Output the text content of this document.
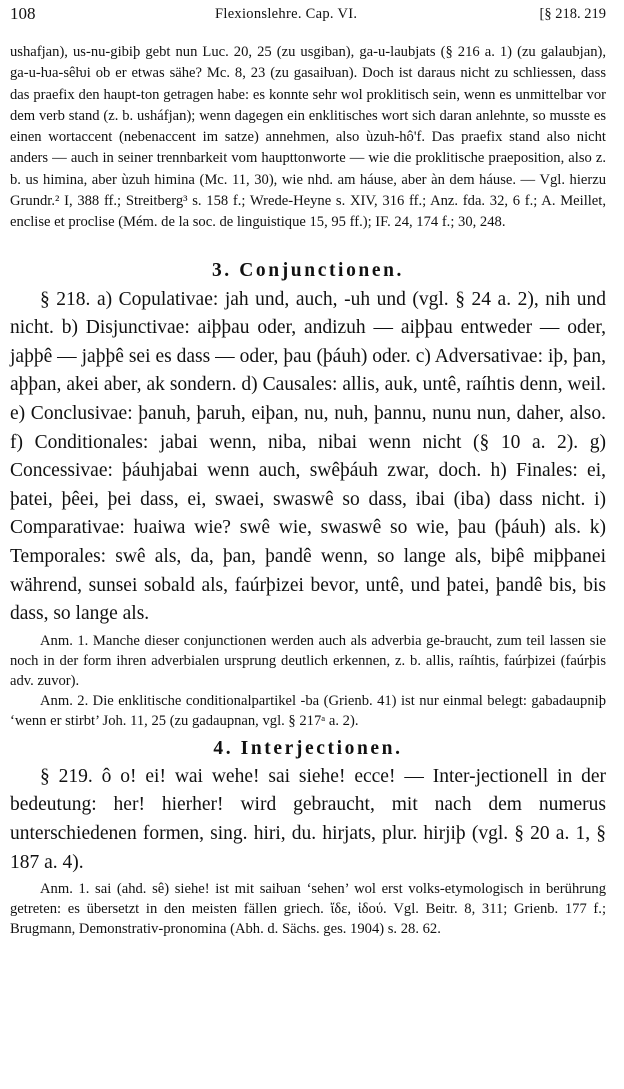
108	Flexionslehre. Cap. VI.	[§ 218. 219

ushafjan), us-nu-gibiþ gebt nun Luc. 20, 25 (zu usgiban), ga-u-laubjats (§ 216 a. 1) (zu galaubjan), ga-u-ƕa-sêƕi ob er etwas sähe? Mc. 8, 23 (zu gasaiƕan). Doch ist daraus nicht zu schliessen, dass das praefix den haupt-ton getragen habe: es konnte sehr wol proklitisch sein, wenn es unmittelbar vor dem verb stand (z. b. usháfjan); wenn dagegen ein enklitisches wort sich daran anlehnte, so musste es einen wortaccent (nebenaccent im satze) annehmen, also ùzuh-hô'f. Das praefix stand also nicht anders — auch in seiner trennbarkeit vom haupttonworte — wie die proklitische praeposition, also z. b. us himina, aber ùzuh himina (Mc. 11, 30), wie nhd. am háuse, aber àn dem háuse. — Vgl. hierzu Grundr.² I, 388 ff.; Streitberg³ s. 158 f.; Wrede-Heyne s. XIV, 316 ff.; Anz. fda. 32, 6 f.; A. Meillet, enclise et proclise (Mém. de la soc. de linguistique 15, 95 ff.); IF. 24, 174 f.; 30, 248.

3. Conjunctionen.

§ 218. a) Copulativae: jah und, auch, -uh und (vgl. § 24 a. 2), nih und nicht. b) Disjunctivae: aiþþau oder, andizuh — aiþþau entweder — oder, jaþþê — jaþþê sei es dass — oder, þau (þáuh) oder. c) Adversativae: iþ, þan, aþþan, akei aber, ak sondern. d) Causales: allis, auk, untê, raíhtis denn, weil. e) Conclusivae: þanuh, þaruh, eiþan, nu, nuh, þannu, nunu nun, daher, also. f) Conditionales: jabai wenn, niba, nibai wenn nicht (§ 10 a. 2). g) Concessivae: þáuhjabai wenn auch, swêþáuh zwar, doch. h) Finales: ei, þatei, þêei, þei dass, ei, swaei, swaswê so dass, ibai (iba) dass nicht. i) Comparativae: ƕaiwa wie? swê wie, swaswê so wie, þau (þáuh) als. k) Temporales: swê als, da, þan, þandê wenn, so lange als, biþê miþþanei während, sunsei sobald als, faúrþizei bevor, untê, und þatei, þandê bis, bis dass, so lange als.

Anm. 1. Manche dieser conjunctionen werden auch als adverbia ge-braucht, zum teil lassen sie noch in der form ihren adverbialen ursprung deutlich erkennen, z. b. allis, raíhtis, faúrþizei (faúrþis adv. zuvor).

Anm. 2. Die enklitische conditionalpartikel -ba (Grienb. 41) ist nur einmal belegt: gabadaupniþ ‘wenn er stirbt’ Joh. 11, 25 (zu gadaupnan, vgl. § 217ᵃ a. 2).

4. Interjectionen.

§ 219. ô o! ei! wai wehe! sai siehe! ecce! — Inter-jectionell in der bedeutung: her! hierher! wird gebraucht, mit nach dem numerus unterschiedenen formen, sing. hiri, du. hirjats, plur. hirjiþ (vgl. § 20 a. 1, § 187 a. 4).

Anm. 1. sai (ahd. sê) siehe! ist mit saiƕan ‘sehen’ wol erst volks-etymologisch in berührung getreten: es übersetzt in den meisten fällen griech. ἴδε, ἰδού. Vgl. Beitr. 8, 311; Grienb. 177 f.; Brugmann, Demonstrativ-pronomina (Abh. d. Sächs. ges. 1904) s. 28. 62.
